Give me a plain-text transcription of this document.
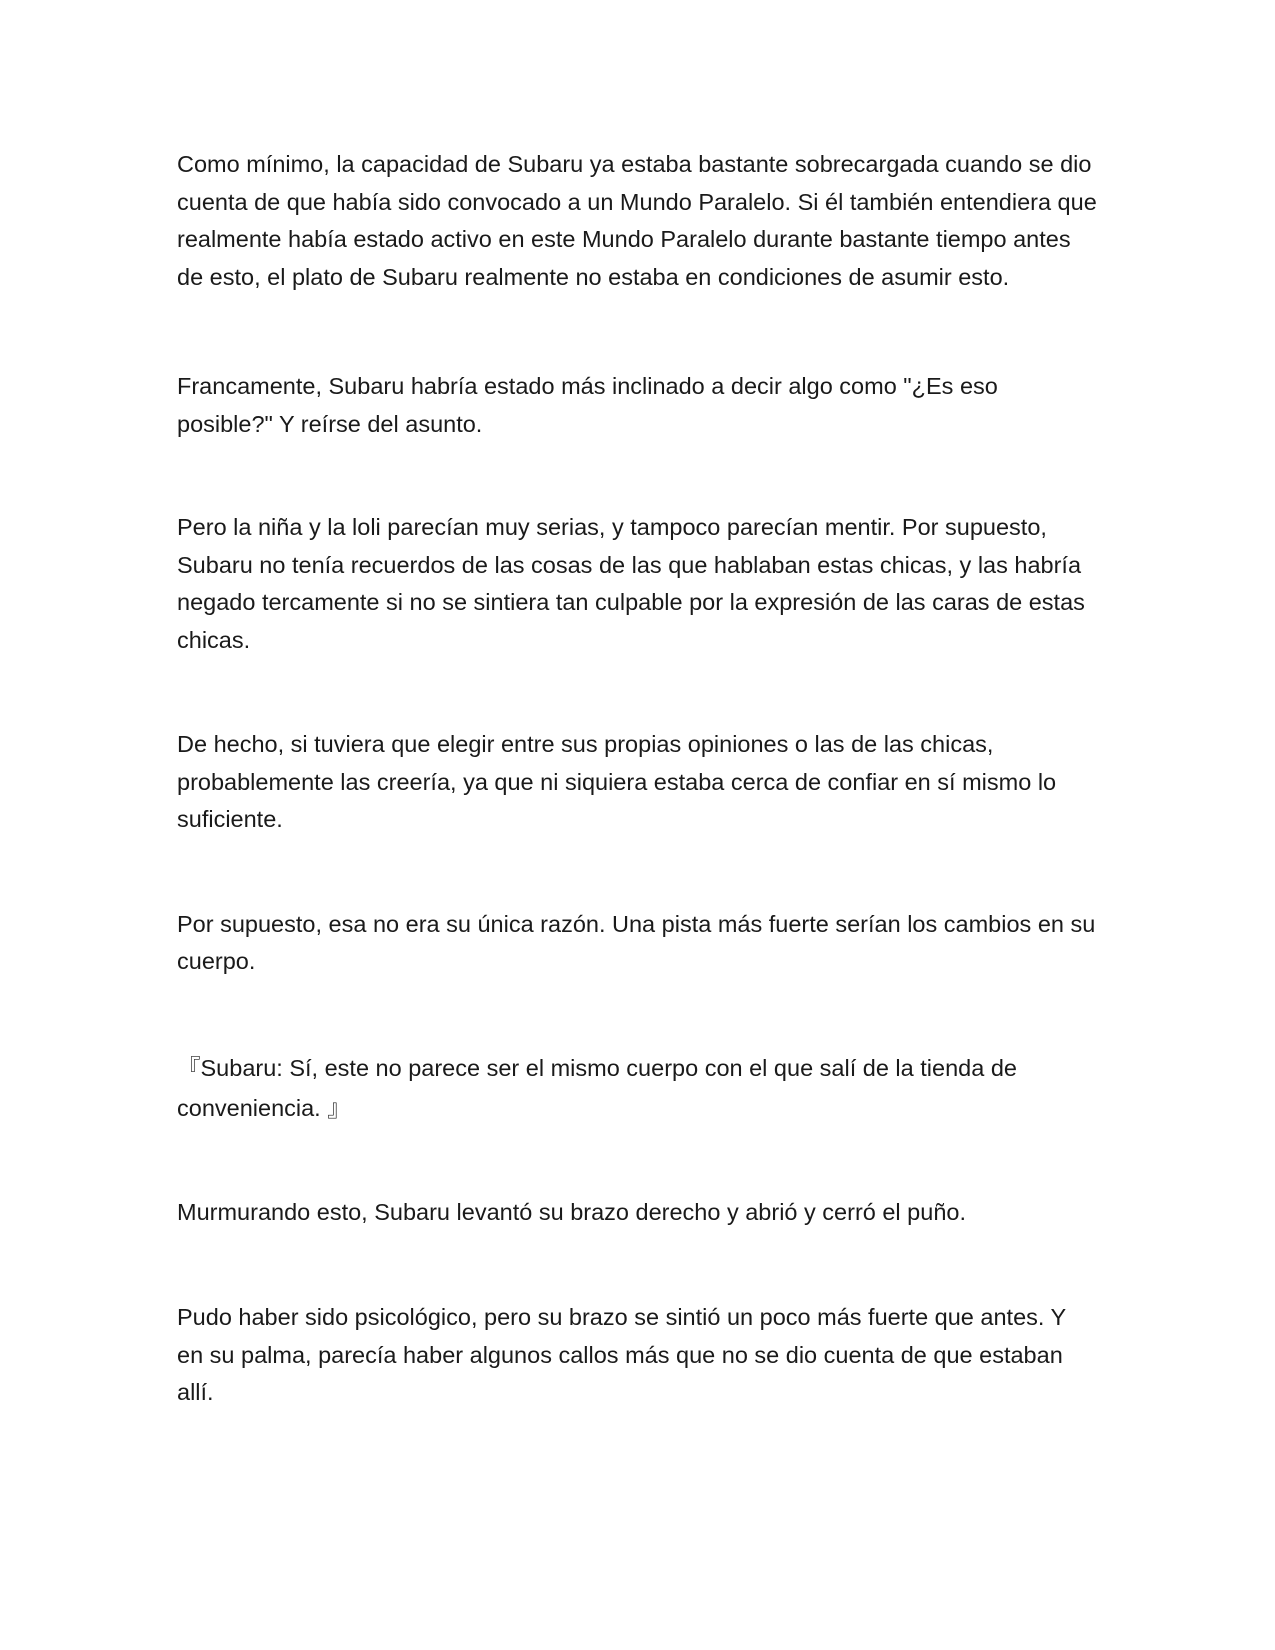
Como mínimo, la capacidad de Subaru ya estaba bastante sobrecargada cuando se dio cuenta de que había sido convocado a un Mundo Paralelo. Si él también entendiera que realmente había estado activo en este Mundo Paralelo durante bastante tiempo antes de esto, el plato de Subaru realmente no estaba en condiciones de asumir esto.

Francamente, Subaru habría estado más inclinado a decir algo como "¿Es eso posible?" Y reírse del asunto.

Pero la niña y la loli parecían muy serias, y tampoco parecían mentir. Por supuesto, Subaru no tenía recuerdos de las cosas de las que hablaban estas chicas, y las habría negado tercamente si no se sintiera tan culpable por la expresión de las caras de estas chicas.

De hecho, si tuviera que elegir entre sus propias opiniones o las de las chicas, probablemente las creería, ya que ni siquiera estaba cerca de confiar en sí mismo lo suficiente.

Por supuesto, esa no era su única razón. Una pista más fuerte serían los cambios en su cuerpo.

『Subaru: Sí, este no parece ser el mismo cuerpo con el que salí de la tienda de conveniencia. 』

Murmurando esto, Subaru levantó su brazo derecho y abrió y cerró el puño.

Pudo haber sido psicológico, pero su brazo se sintió un poco más fuerte que antes. Y en su palma, parecía haber algunos callos más que no se dio cuenta de que estaban allí.
